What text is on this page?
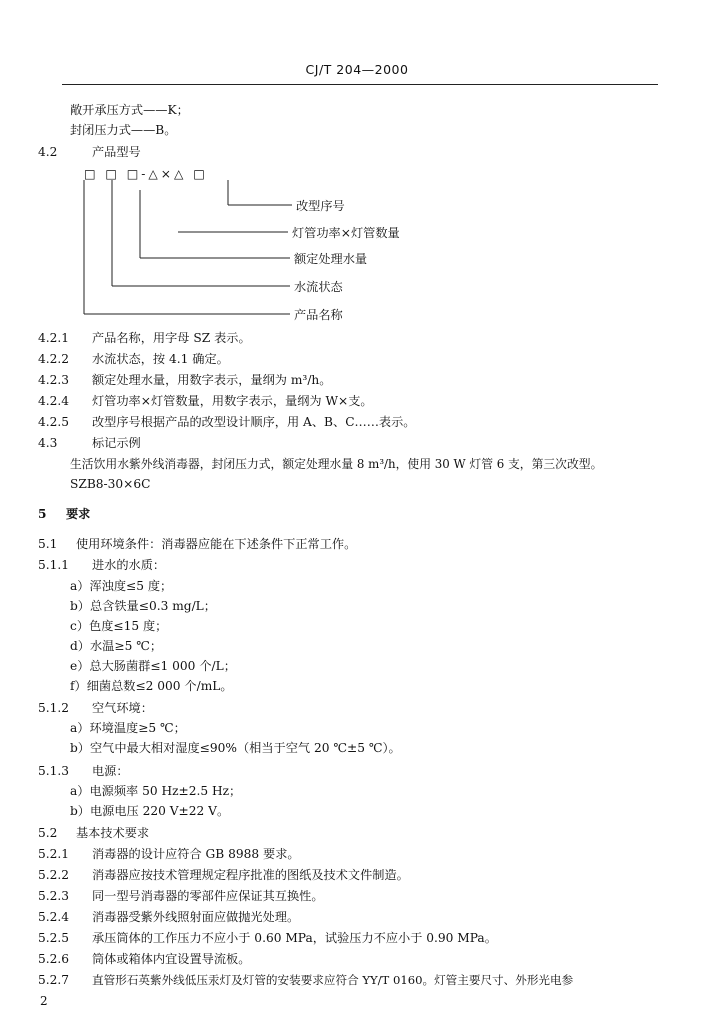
CJ/T 204—2000
敞开承压方式——K；
封闭压力式——B。
4.2	产品型号
□ □ □-△×△ □
改型序号
灯管功率×灯管数量
额定处理水量
水流状态
产品名称
4.2.1 产品名称，用字母 SZ 表示。
4.2.2 水流状态，按 4.1 确定。
4.2.3 额定处理水量，用数字表示，量纲为 m³/h。
4.2.4 灯管功率×灯管数量，用数字表示，量纲为 W×支。
4.2.5 改型序号根据产品的改型设计顺序，用 A、B、C……表示。
4.3	标记示例
生活饮用水紫外线消毒器，封闭压力式，额定处理水量 8 m³/h，使用 30 W 灯管 6 支，第三次改型。
SZB8-30×6C
5 要求
5.1 使用环境条件：消毒器应能在下述条件下正常工作。
5.1.1 进水的水质：
a）浑浊度≤5 度；
b）总含铁量≤0.3 mg/L；
c）色度≤15 度；
d）水温≥5 ℃；
e）总大肠菌群≤1 000 个/L；
f）细菌总数≤2 000 个/mL。
5.1.2 空气环境：
a）环境温度≥5 ℃；
b）空气中最大相对湿度≤90%（相当于空气 20 ℃±5 ℃）。
5.1.3 电源：
a）电源频率 50 Hz±2.5 Hz；
b）电源电压 220 V±22 V。
5.2 基本技术要求
5.2.1 消毒器的设计应符合 GB 8988 要求。
5.2.2 消毒器应按技术管理规定程序批准的图纸及技术文件制造。
5.2.3 同一型号消毒器的零部件应保证其互换性。
5.2.4 消毒器受紫外线照射面应做抛光处理。
5.2.5 承压筒体的工作压力不应小于 0.60 MPa，试验压力不应小于 0.90 MPa。
5.2.6 筒体或箱体内宜设置导流板。
5.2.7 直管形石英紫外线低压汞灯及灯管的安装要求应符合 YY/T 0160。灯管主要尺寸、外形光电参
2
